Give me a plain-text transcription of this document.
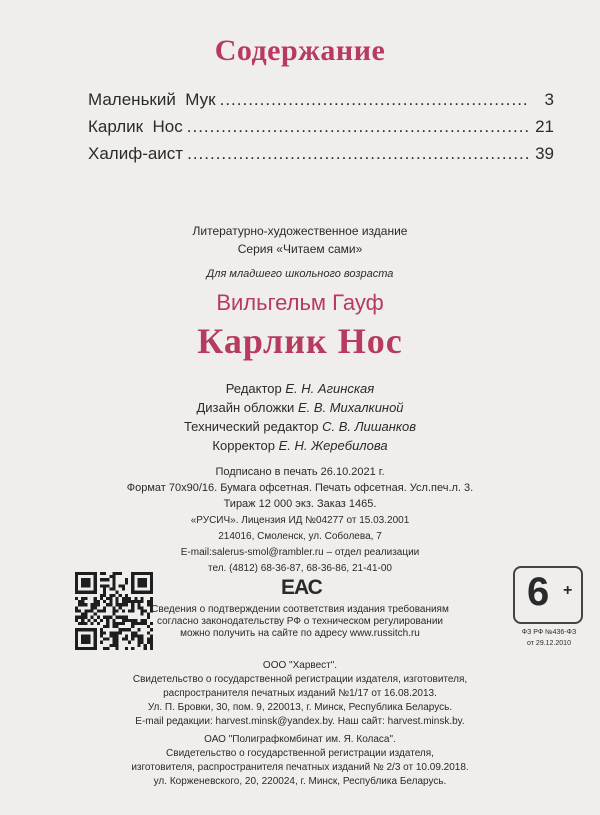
Содержание
Маленький  Мук .....	3
Карлик  Нос .....	21
Халиф-аист .....	39
Литературно-художественное издание
Серия «Читаем сами»
Для младшего школьного возраста
Вильгельм Гауф
Карлик Нос
Редактор Е. Н. Агинская
Дизайн обложки Е. В. Михалкиной
Технический редактор С. В. Лишанков
Корректор Е. Н. Жеребилова
Подписано в печать 26.10.2021 г.
Формат 70x90/16. Бумага офсетная. Печать офсетная. Усл.печ.л. 3.
Тираж 12 000 экз. Заказ 1465.
«РУСИЧ». Лицензия ИД №04277 от 15.03.2001
214016, Смоленск, ул. Соболева, 7
E-mail:salerus-smol@rambler.ru – отдел реализации
тел. (4812) 68-36-87, 68-36-86, 21-41-00
ЕАС
Сведения о подтверждении соответствия издания требованиям
согласно законодательству РФ о техническом регулировании
можно получить на сайте по адресу www.russitch.ru
6 +
ФЗ РФ №436-ФЗ
от 29.12.2010
ООО "Харвест".
Свидетельство о государственной регистрации издателя, изготовителя,
распространителя печатных изданий №1/17 от 16.08.2013.
Ул. П. Бровки, 30, пом. 9, 220013, г. Минск, Республика Беларусь.
E-mail редакции: harvest.minsk@yandex.by. Наш сайт: harvest.minsk.by.
ОАО "Полиграфкомбинат им. Я. Коласа".
Свидетельство о государственной регистрации издателя,
изготовителя, распространителя печатных изданий № 2/3 от 10.09.2018.
ул. Корженевского, 20, 220024, г. Минск, Республика Беларусь.
